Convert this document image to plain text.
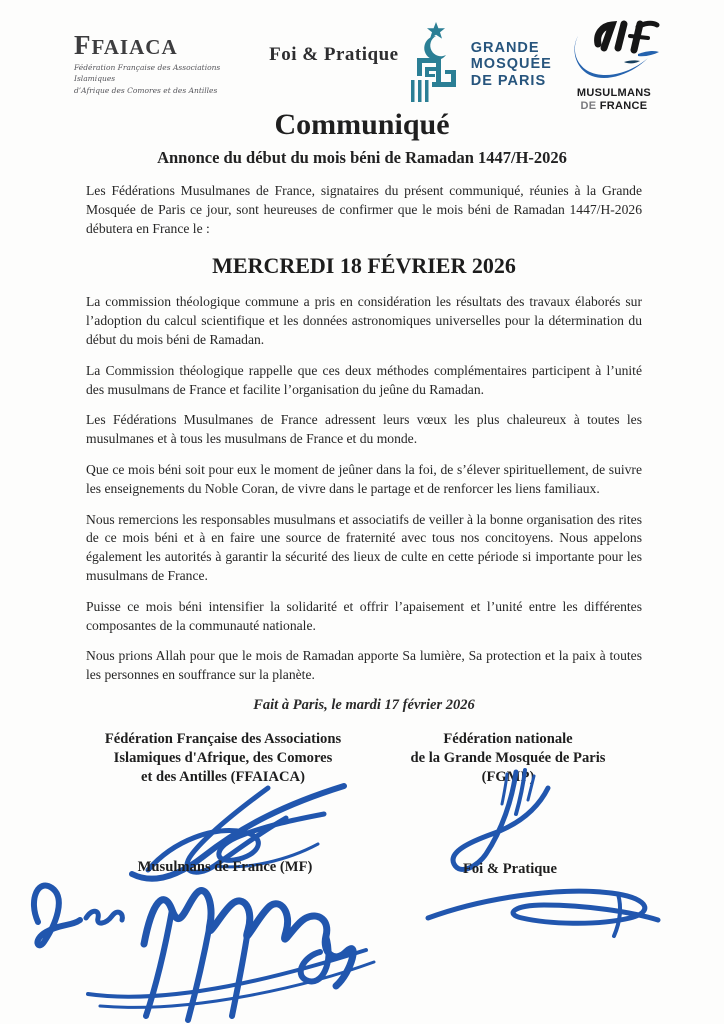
FFAIACA
Fédération Française des Associations Islamiques
d’Afrique des Comores et des Antilles
Foi & Pratique	GRANDE
MOSQUÉE
DE PARIS
MUSULMANS
DE FRANCE
Communiqué
Annonce du début du mois béni de Ramadan 1447/H-2026

Les Fédérations Musulmanes de France, signataires du présent communiqué, réunies à la Grande Mosquée de Paris ce jour, sont heureuses de confirmer que le mois béni de Ramadan 1447/H-2026 débutera en France le :

MERCREDI 18 FÉVRIER 2026

La commission théologique commune a pris en considération les résultats des travaux élaborés sur l’adoption du calcul scientifique et les données astronomiques universelles pour la détermination du début du mois béni de Ramadan.

La Commission théologique rappelle que ces deux méthodes complémentaires participent à l’unité des musulmans de France et facilite l’organisation du jeûne du Ramadan.

Les Fédérations Musulmanes de France adressent leurs vœux les plus chaleureux à toutes les musulmanes et à tous les musulmans de France et du monde.

Que ce mois béni soit pour eux le moment de jeûner dans la foi, de s’élever spirituellement, de suivre les enseignements du Noble Coran, de vivre dans le partage et de renforcer les liens familiaux.

Nous remercions les responsables musulmans et associatifs de veiller à la bonne organisation des rites de ce mois béni et à en faire une source de fraternité avec tous nos concitoyens. Nous appelons également les autorités à garantir la sécurité des lieux de culte en cette période si importante pour les musulmans de France.

Puisse ce mois béni intensifier la solidarité et offrir l’apaisement et l’unité entre les différentes composantes de la communauté nationale.

Nous prions Allah pour que le mois de Ramadan apporte Sa lumière, Sa protection et la paix à toutes les personnes en souffrance sur la planète.

Fait à Paris, le mardi 17 février 2026
Fédération Française des Associations
Islamiques d'Afrique, des Comores
et des Antilles (FFAIACA)
Fédération nationale
de la Grande Mosquée de Paris
(FGMP)
Musulmans de France (MF)	Foi & Pratique
